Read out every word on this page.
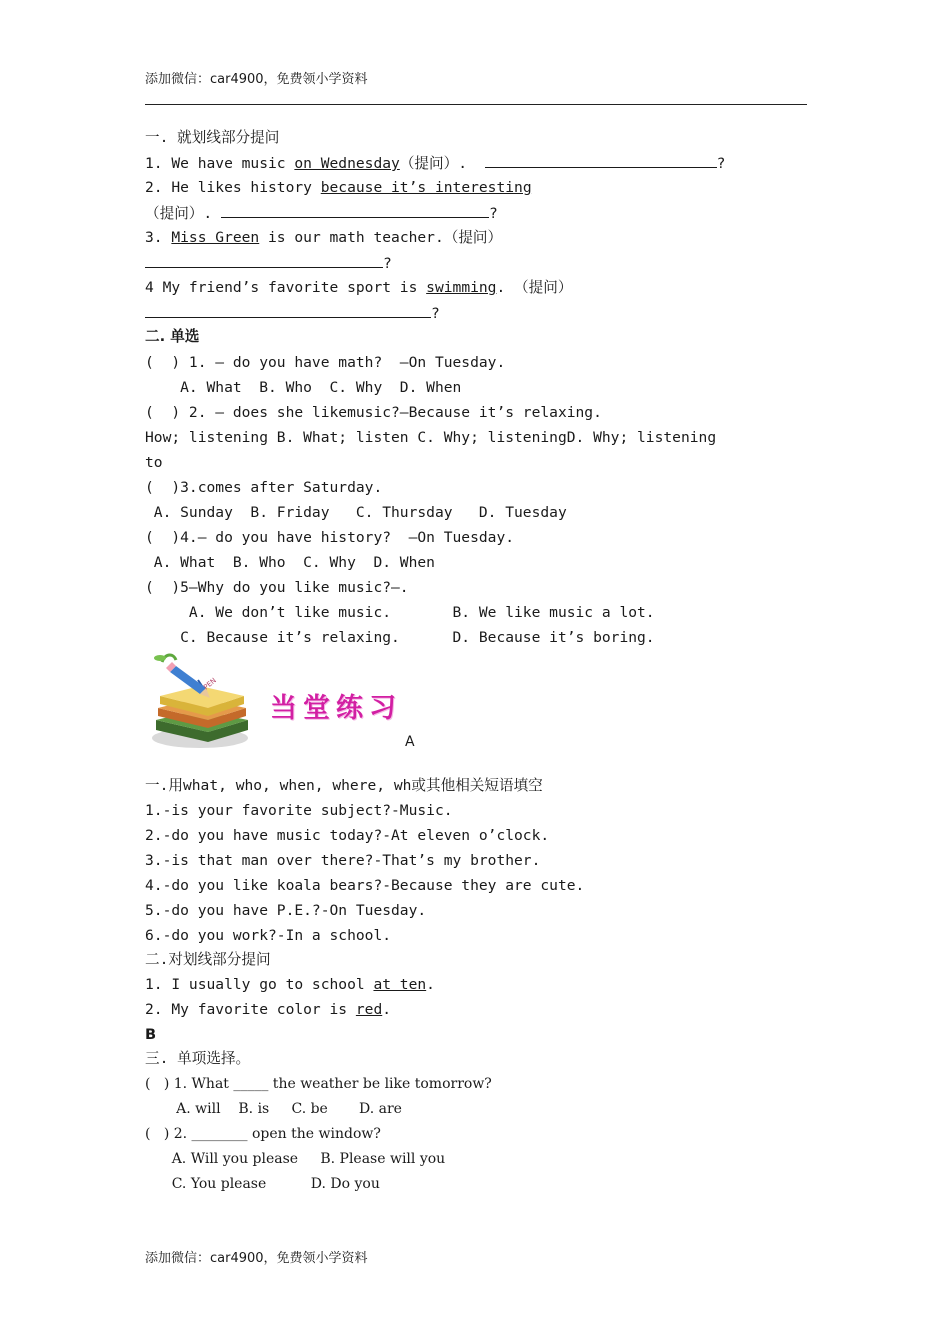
添加微信：car4900，免费领小学资料
一. 就划线部分提问
1. We have music on Wednesday（提问）.	?
2. He likes history because it’s interesting
（提问）.	?
3. Miss Green is our math teacher.（提问）
?
4 My friend’s favorite sport is swimming. （提问）
?
二. 单选
(  ) 1. — do you have math?  —On Tuesday.
A. What  B. Who  C. Why  D. When
(  ) 2. — does she likemusic?—Because it’s relaxing.
How; listening B. What; listen C. Why; listeningD. Why; listening
to
(  )3.comes after Saturday.
A. Sunday  B. Friday   C. Thursday   D. Tuesday
(  )4.— do you have history?  —On Tuesday.
A. What  B. Who  C. Why  D. When
(  )5—Why do you like music?—.
A. We don’t like music.       B. We like music a lot.
C. Because it’s relaxing.      D. Because it’s boring.
PEN
当堂练习
A
一.用what, who, when, where, wh或其他相关短语填空
1.-is your favorite subject?-Music.
2.-do you have music today?-At eleven o’clock.
3.-is that man over there?-That’s my brother.
4.-do you like koala bears?-Because they are cute.
5.-do you have P.E.?-On Tuesday.
6.-do you work?-In a school.
二.对划线部分提问
1. I usually go to school at ten.
2. My favorite color is red.
B
三. 单项选择。
(   ) 1. What _____ the weather be like tomorrow?
A. will    B. is     C. be       D. are
(   ) 2. ________ open the window?
A. Will you please     B. Please will you
C. You please          D. Do you
添加微信：car4900，免费领小学资料
